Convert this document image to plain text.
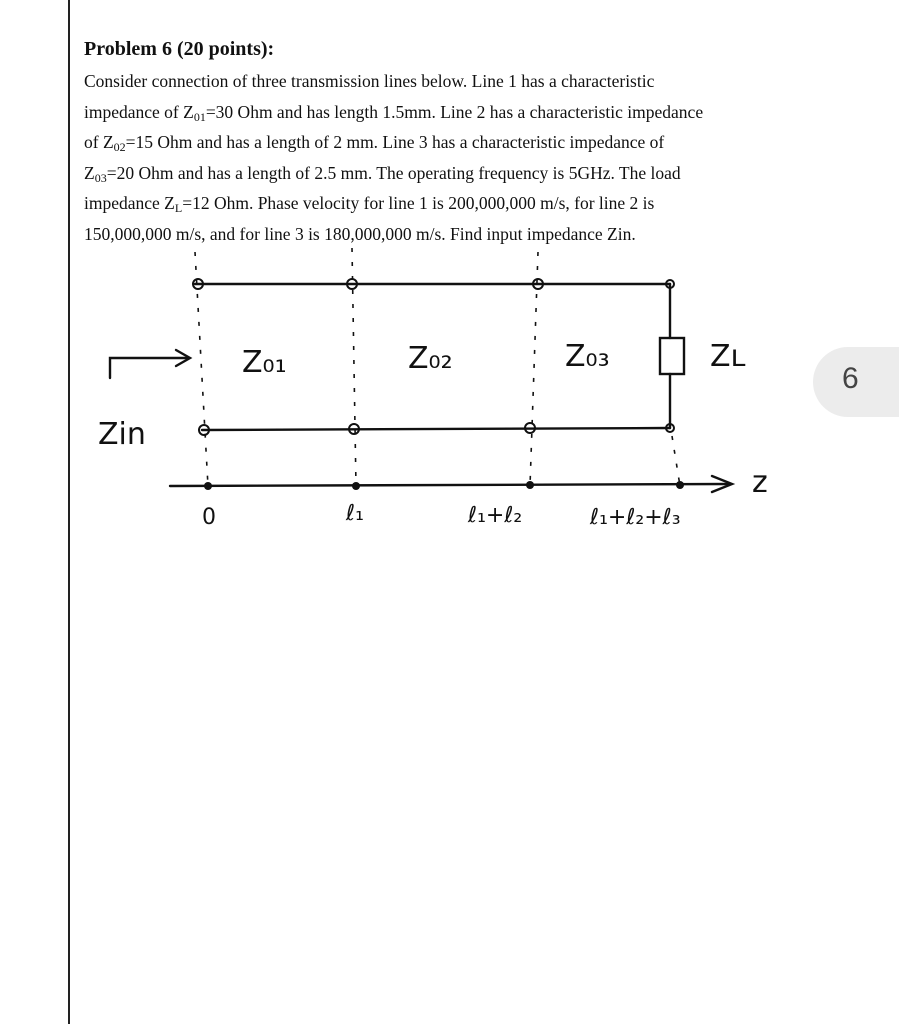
Problem 6 (20 points):

Consider connection of three transmission lines below. Line 1 has a characteristic
impedance of $Z_{01}=30$ Ohm and has length 1.5mm. Line 2 has a characteristic impedance
of $Z_{02}=15$ Ohm and has a length of 2 mm. Line 3 has a characteristic impedance of
$Z_{03}=20$ Ohm and has a length of 2.5 mm. The operating frequency is 5GHz. The load
impedance $Z_L=12$ Ohm. Phase velocity for line 1 is 200,000,000 m/s, for line 2 is
150,000,000 m/s, and for line 3 is 180,000,000 m/s. Find input impedance Zin.

Z₀₁	Z₀₂	Z₀₃	Zʟ
Zin
z
0	ℓ₁	ℓ₁+ℓ₂	ℓ₁+ℓ₂+ℓ₃
6
